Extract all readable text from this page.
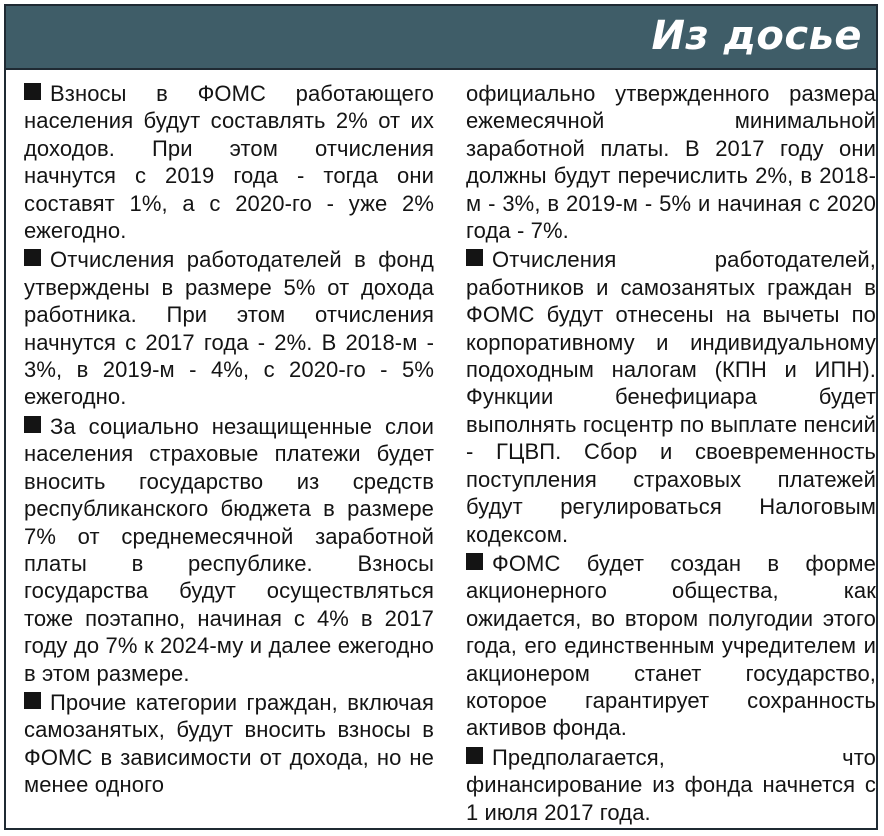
Из досье

Взносы в ФОМС работающего населения будут составлять 2% от их доходов. При этом отчисления начнутся с 2019 года - тогда они составят 1%, а с 2020-го - уже 2% ежегодно.

Отчисления работодателей в фонд утверждены в размере 5% от дохода работника. При этом отчисления начнутся с 2017 года - 2%. В 2018-м - 3%, в 2019-м - 4%, с 2020-го - 5% ежегодно.

За социально незащищенные слои населения страховые платежи будет вносить государство из средств республиканского бюджета в размере 7% от среднемесячной заработной платы в республике. Взносы государства будут осуществляться тоже поэтапно, начиная с 4% в 2017 году до 7% к 2024-му и далее ежегодно в этом размере.

Прочие категории граждан, включая самозанятых, будут вносить взносы в ФОМС в зависимости от дохода, но не менее одного

официально утвержденного размера ежемесячной минимальной заработной платы. В 2017 году они должны будут перечислить 2%, в 2018-м - 3%, в 2019-м - 5% и начиная с 2020 года - 7%.

Отчисления работодателей, работников и самозанятых граждан в ФОМС будут отнесены на вычеты по корпоративному и индивидуальному подоходным налогам (КПН и ИПН). Функции бенефициара будет выполнять госцентр по выплате пенсий - ГЦВП. Сбор и своевременность поступления страховых платежей будут регулироваться Налоговым кодексом.

ФОМС будет создан в форме акционерного общества, как ожидается, во втором полугодии этого года, его единственным учредителем и акционером станет государство, которое гарантирует сохранность активов фонда.

Предполагается, что финансирование из фонда начнется с 1 июля 2017 года.
